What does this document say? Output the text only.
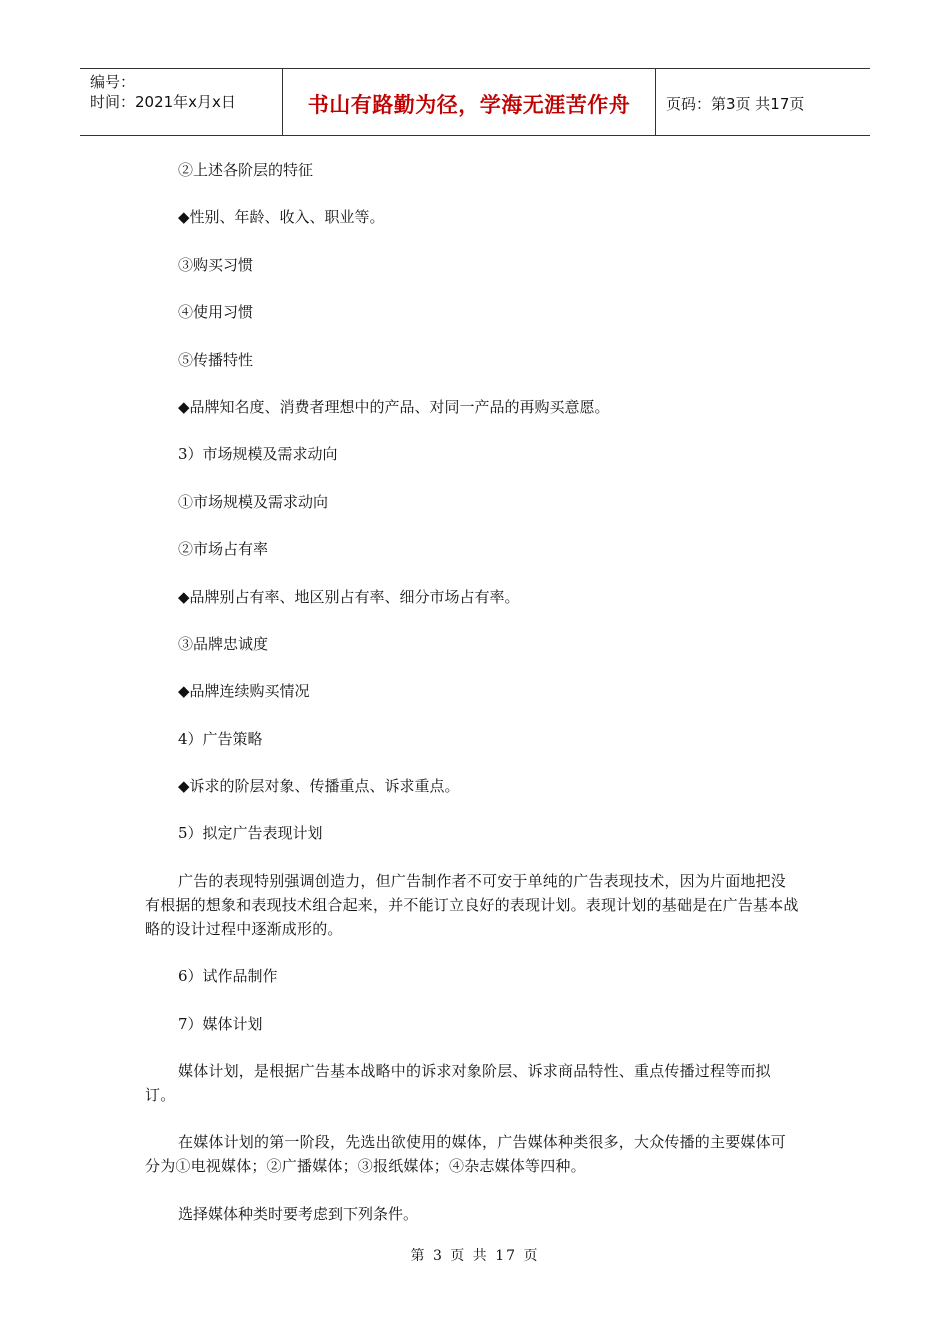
编号：
时间：2021年x月x日	书山有路勤为径，学海无涯苦作舟	页码：第3页 共17页
②上述各阶层的特征
◆性别、年龄、收入、职业等。
③购买习惯
④使用习惯
⑤传播特性
◆品牌知名度、消费者理想中的产品、对同一产品的再购买意愿。
3）市场规模及需求动向
①市场规模及需求动向
②市场占有率
◆品牌别占有率、地区别占有率、细分市场占有率。
③品牌忠诚度
◆品牌连续购买情况
4）广告策略
◆诉求的阶层对象、传播重点、诉求重点。
5）拟定广告表现计划
广告的表现特别强调创造力，但广告制作者不可安于单纯的广告表现技术，因为片面地把没有根据的想象和表现技术组合起来，并不能订立良好的表现计划。表现计划的基础是在广告基本战略的设计过程中逐渐成形的。
6）试作品制作
7）媒体计划
媒体计划，是根据广告基本战略中的诉求对象阶层、诉求商品特性、重点传播过程等而拟订。
在媒体计划的第一阶段，先选出欲使用的媒体，广告媒体种类很多，大众传播的主要媒体可分为①电视媒体；②广播媒体；③报纸媒体；④杂志媒体等四种。
选择媒体种类时要考虑到下列条件。
第 3 页 共 17 页
